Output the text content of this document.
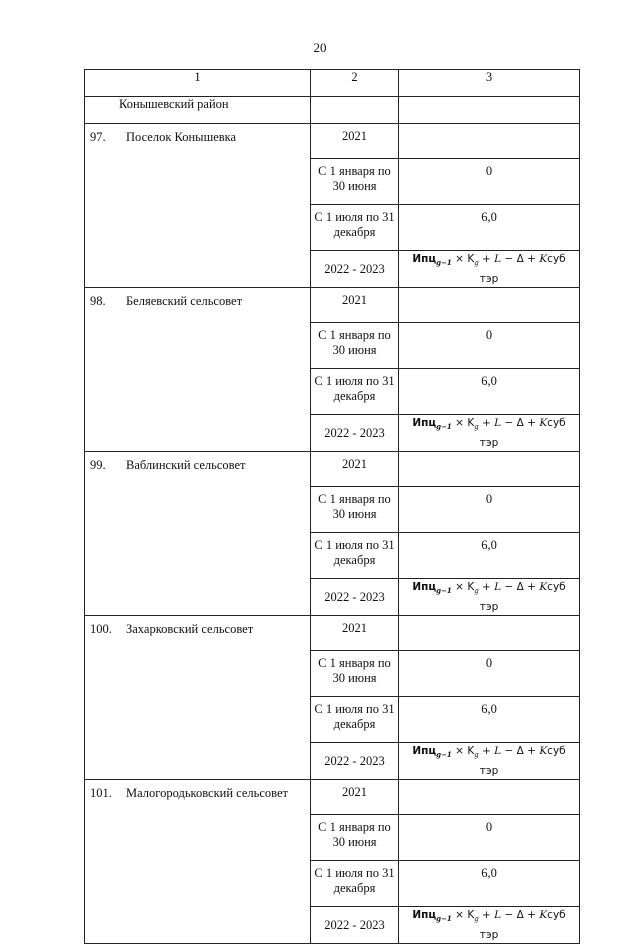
20
1	2	3
Конышевский район		
97. Поселок Конышевка	2021	
	С 1 января по 30 июня	0
	С 1 июля по 31 декабря	6,0
	2022 - 2023	$Ипц_{g-1} \times K_g + L - \Delta$ + Kсуб
тэр
98. Беляевский сельсовет	2021	
	С 1 января по 30 июня	0
	С 1 июля по 31 декабря	6,0
	2022 - 2023	$Ипц_{g-1} \times K_g + L - \Delta$ + Kсуб
тэр
99. Ваблинский сельсовет	2021	
	С 1 января по 30 июня	0
	С 1 июля по 31 декабря	6,0
	2022 - 2023	$Ипц_{g-1} \times K_g + L - \Delta$ + Kсуб
тэр
100. Захарковский сельсовет	2021	
	С 1 января по 30 июня	0
	С 1 июля по 31 декабря	6,0
	2022 - 2023	$Ипц_{g-1} \times K_g + L - \Delta$ + Kсуб
тэр
101. Малогородьковский сельсовет	2021	
	С 1 января по 30 июня	0
	С 1 июля по 31 декабря	6,0
	2022 - 2023	$Ипц_{g-1} \times K_g + L - \Delta$ + Kсуб
тэр
